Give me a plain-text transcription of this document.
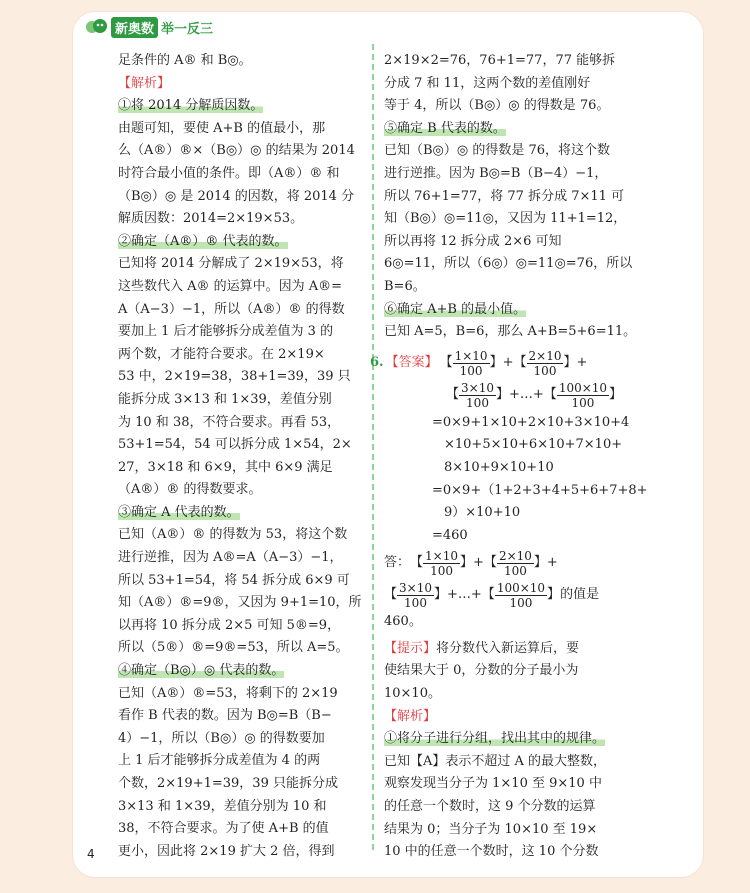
新奥数 举一反三
足条件的 A® 和 B◎。
【解析】
①将 2014 分解质因数。
由题可知，要使 A+B 的值最小，那
么（A®）®×（B◎）◎ 的结果为 2014
时符合最小值的条件。即（A®）® 和
（B◎）◎ 是 2014 的因数，将 2014 分
解质因数：2014=2×19×53。
②确定（A®）® 代表的数。
已知将 2014 分解成了 2×19×53，将
这些数代入 A® 的运算中。因为 A®=
A（A−3）−1，所以（A®）® 的得数
要加上 1 后才能够拆分成差值为 3 的
两个数，才能符合要求。在 2×19×
53 中，2×19=38，38+1=39，39 只
能拆分成 3×13 和 1×39，差值分别
为 10 和 38，不符合要求。再看 53，
53+1=54，54 可以拆分成 1×54，2×
27，3×18 和 6×9，其中 6×9 满足
（A®）® 的得数要求。
③确定 A 代表的数。
已知（A®）® 的得数为 53，将这个数
进行逆推，因为 A®=A（A−3）−1，
所以 53+1=54，将 54 拆分成 6×9 可
知（A®）®=9®，又因为 9+1=10，所
以再将 10 拆分成 2×5 可知 5®=9，
所以（5®）®=9®=53，所以 A=5。
④确定（B◎）◎ 代表的数。
已知（A®）®=53，将剩下的 2×19
看作 B 代表的数。因为 B◎=B（B−
4）−1，所以（B◎）◎ 的得数要加
上 1 后才能够拆分成差值为 4 的两
个数，2×19+1=39，39 只能拆分成
3×13 和 1×39，差值分别为 10 和
38，不符合要求。为了使 A+B 的值
更小，因此将 2×19 扩大 2 倍，得到
2×19×2=76，76+1=77，77 能够拆
分成 7 和 11，这两个数的差值刚好
等于 4，所以（B◎）◎ 的得数是 76。
⑤确定 B 代表的数。
已知（B◎）◎ 的得数是 76，将这个数
进行逆推。因为 B◎=B（B−4）−1，
所以 76+1=77，将 77 拆分成 7×11 可
知（B◎）◎=11◎，又因为 11+1=12，
所以再将 12 拆分成 2×6 可知
6◎=11，所以（6◎）◎=11◎=76，所以
B=6。
⑥确定 A+B 的最小值。
已知 A=5，B=6，那么 A+B=5+6=11。
6. 【答案】 【 $\frac{1\times 10}{100}$ 】 + 【 $\frac{2\times 10}{100}$ 】 +
【 $\frac{3\times 10}{100}$ 】 +…+ 【 $\frac{100\times 10}{100}$ 】
=0×9+1×10+2×10+3×10+4
×10+5×10+6×10+7×10+
8×10+9×10+10
=0×9+（1+2+3+4+5+6+7+8+
9）×10+10
=460
答： 【 $\frac{1\times 10}{100}$ 】 + 【 $\frac{2\times 10}{100}$ 】 +
【 $\frac{3\times 10}{100}$ 】 +…+ 【 $\frac{100\times 10}{100}$ 】 的值是
460。
【提示】将分数代入新运算后，要
使结果大于 0，分数的分子最小为
10×10。
【解析】
①将分子进行分组，找出其中的规律。
已知【A】表示不超过 A 的最大整数，
观察发现当分子为 1×10 至 9×10 中
的任意一个数时，这 9 个分数的运算
结果为 0；当分子为 10×10 至 19×
10 中的任意一个数时，这 10 个分数
4
